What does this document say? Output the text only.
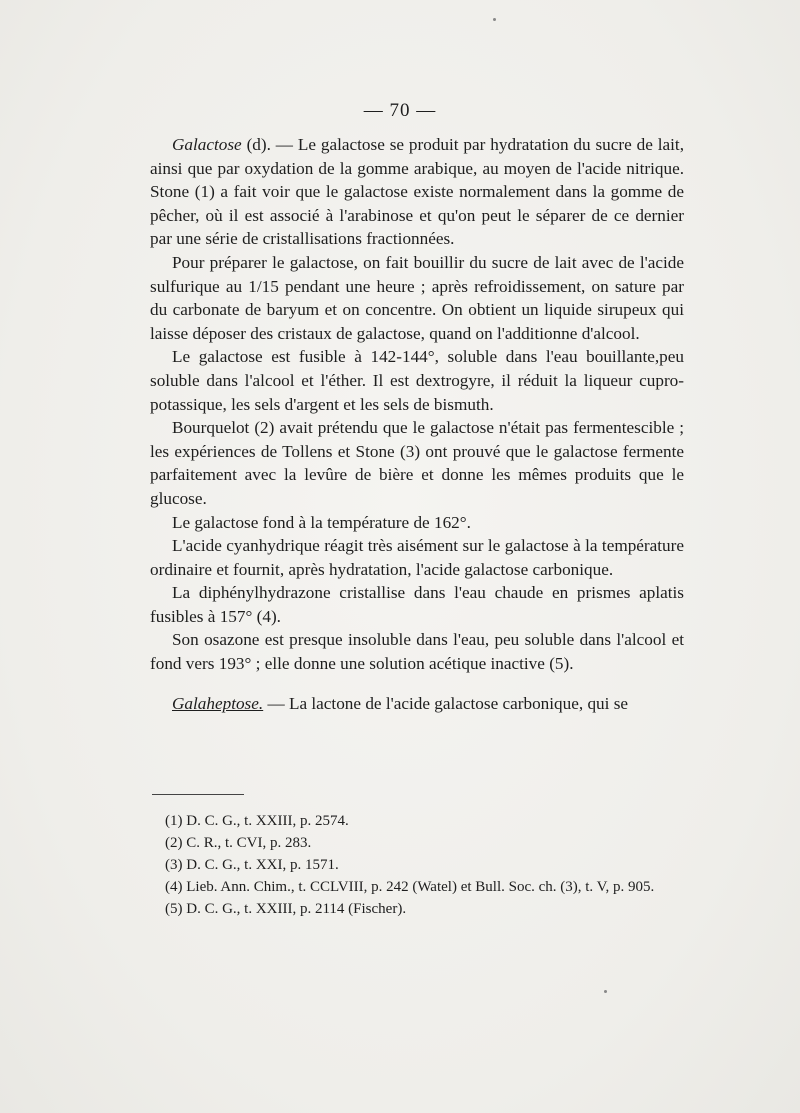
— 70 —

Galactose (d). — Le galactose se produit par hydratation du sucre de lait, ainsi que par oxydation de la gomme arabique, au moyen de l'acide nitrique. Stone (1) a fait voir que le galactose existe normalement dans la gomme de pêcher, où il est associé à l'arabinose et qu'on peut le séparer de ce dernier par une série de cristallisations fractionnées.

Pour préparer le galactose, on fait bouillir du sucre de lait avec de l'acide sulfurique au 1/15 pendant une heure ; après refroidissement, on sature par du carbonate de baryum et on concentre. On obtient un liquide sirupeux qui laisse déposer des cristaux de galactose, quand on l'additionne d'alcool.

Le galactose est fusible à 142-144°, soluble dans l'eau bouillante,peu soluble dans l'alcool et l'éther. Il est dextrogyre, il réduit la liqueur cupro-potassique, les sels d'argent et les sels de bismuth.

Bourquelot (2) avait prétendu que le galactose n'était pas fermentescible ; les expériences de Tollens et Stone (3) ont prouvé que le galactose fermente parfaitement avec la levûre de bière et donne les mêmes produits que le glucose.

Le galactose fond à la température de 162°.

L'acide cyanhydrique réagit très aisément sur le galactose à la température ordinaire et fournit, après hydratation, l'acide galactose carbonique.

La diphénylhydrazone cristallise dans l'eau chaude en prismes aplatis fusibles à 157° (4).

Son osazone est presque insoluble dans l'eau, peu soluble dans l'alcool et fond vers 193° ; elle donne une solution acétique inactive (5).

Galaheptose. — La lactone de l'acide galactose carbonique, qui se

(1) D. C. G., t. XXIII, p. 2574.

(2) C. R., t. CVI, p. 283.

(3) D. C. G., t. XXI, p. 1571.

(4) Lieb. Ann. Chim., t. CCLVIII, p. 242 (Watel) et Bull. Soc. ch. (3), t. V, p. 905.

(5) D. C. G., t. XXIII, p. 2114 (Fischer).
